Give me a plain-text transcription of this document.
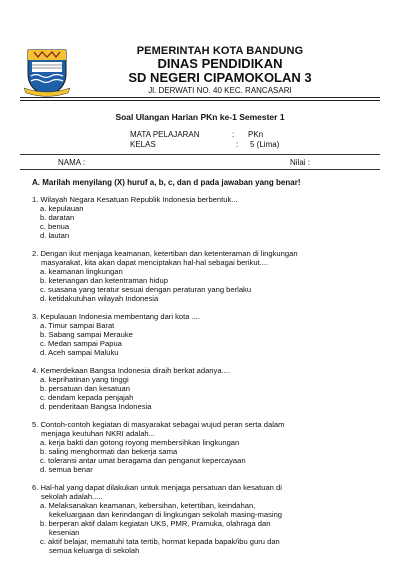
PEMERINTAH KOTA BANDUNG
DINAS PENDIDIKAN
SD NEGERI CIPAMOKOLAN 3
Jl. DERWATI NO. 40 KEC. RANCASARI
Soal Ulangan Harian PKn ke-1 Semester 1
MATA PELAJARAN	: PKn
KELAS	: 5 (Lima)
NAMA :	Nilai :
A. Marilah menyilang (X) huruf a, b, c, dan d pada jawaban yang benar!
1. Wilayah Negara Kesatuan Republik Indonesia berbentuk...
a. kepulauan
b. daratan
c. benua
d. lautan
2. Dengan ikut menjaga keamanan, ketertiban dan ketenteraman di lingkungan
masyarakat, kita akan dapat menciptakan hal-hal sebagai berikut....
a. keamanan lingkungan
b. ketenangan dan ketentraman hidup
c. suasana yang teratur sesuai dengan peraturan yang berlaku
d. ketidakutuhan wilayah Indonesia
3. Kepulauan Indonesia membentang dari kota ....
a. Timur sampai Barat
b. Sabang sampai Merauke
c. Medan sampai Papua
d. Aceh sampai Maluku
4. Kemerdekaan Bangsa Indonesia diraih berkat adanya....
a. keprihatinan yang tinggi
b. persatuan dan kesatuan
c. dendam kepada penjajah
d. penderitaan Bangsa Indonesia
5. Contoh-contoh kegiatan di masyarakat sebagai wujud peran serta dalam
menjaga keutuhan NKRI adalah...
a. kerja bakti dan gotong royong membersihkan lingkungan
b. saling menghormati dan bekerja sama
c. toleransi antar umat beragama dan penganut kepercayaan
d. semua benar
6. Hal-hal yang dapat dilakukan untuk menjaga persatuan dan kesatuan di
sekolah adalah.....
a. Melaksanakan keamanan, kebersihan, ketertiban, keindahan,
kekeluargaan dan kerindangan di lingkungan sekolah masing-masing
b. berperan aktif dalam kegiatan UKS, PMR, Pramuka, olahraga dan
kesenian
c. aktif belajar, mematuhi tata tertib, hormat kepada bapak/ibu guru dan
semua keluarga di sekolah
